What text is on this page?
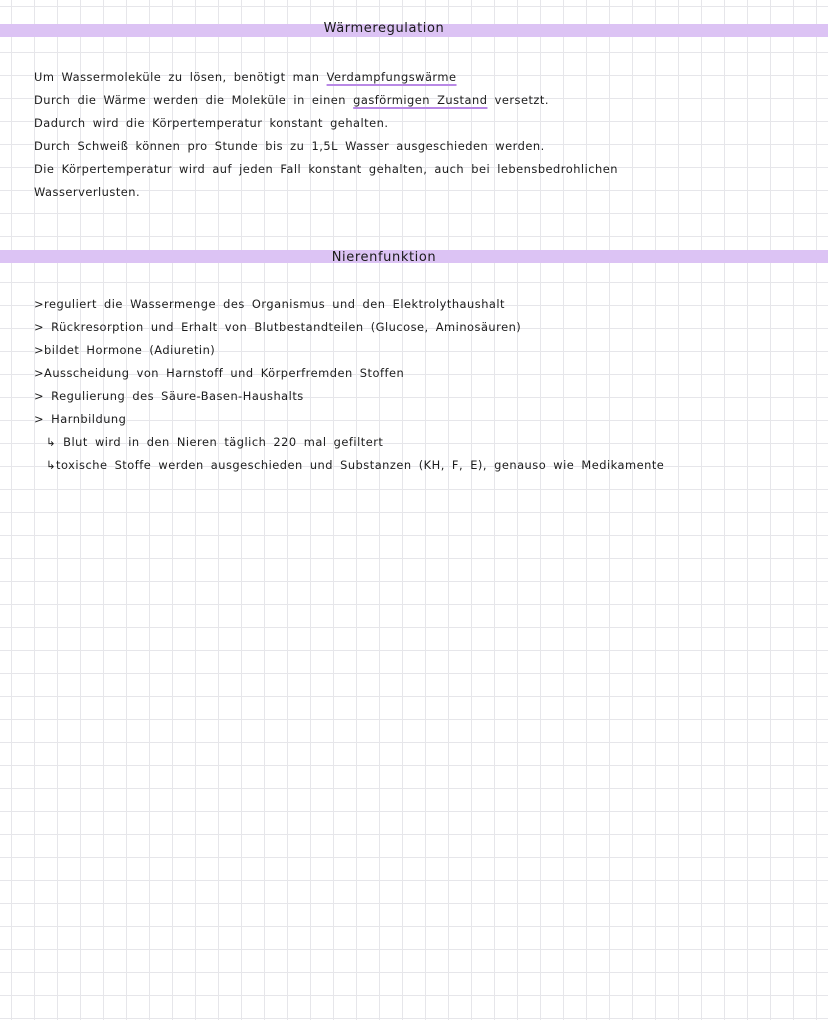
Wärmeregulation
Um Wassermoleküle zu lösen, benötigt man Verdampfungswärme
Durch die Wärme werden die Moleküle in einen gasförmigen Zustand versetzt.
Dadurch wird die Körpertemperatur konstant gehalten.
Durch Schweiß können pro Stunde bis zu 1,5L Wasser ausgeschieden werden.
Die Körpertemperatur wird auf jeden Fall konstant gehalten, auch bei lebensbedrohlichen
Wasserverlusten.
Nierenfunktion
>reguliert die Wassermenge des Organismus und den Elektrolythaushalt
> Rückresorption und Erhalt von Blutbestandteilen (Glucose, Aminosäuren)
>bildet Hormone (Adiuretin)
>Ausscheidung von Harnstoff und Körperfremden Stoffen
> Regulierung des Säure-Basen-Haushalts
> Harnbildung
↳ Blut wird in den Nieren täglich 220 mal gefiltert
↳toxische Stoffe werden ausgeschieden und Substanzen (KH, F, E), genauso wie Medikamente
